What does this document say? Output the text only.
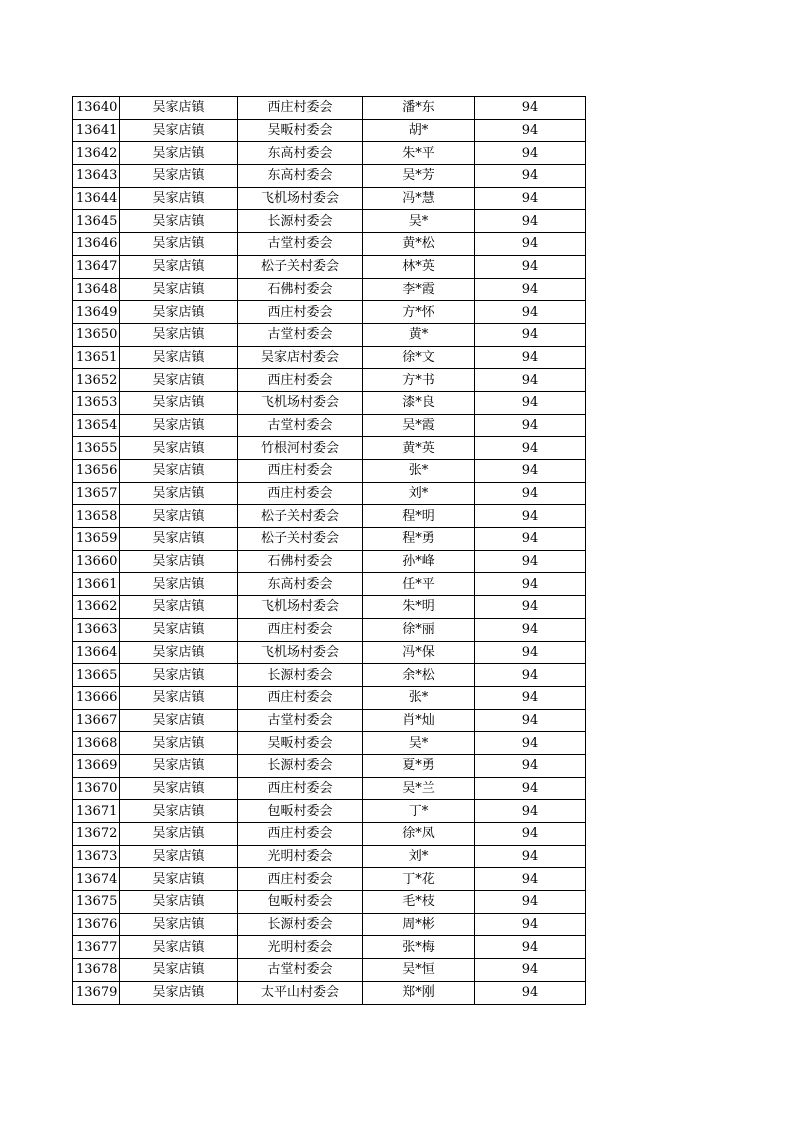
13640	吴家店镇	西庄村委会	潘*东	94
13641	吴家店镇	吴畈村委会	胡*	94
13642	吴家店镇	东高村委会	朱*平	94
13643	吴家店镇	东高村委会	吴*芳	94
13644	吴家店镇	飞机场村委会	冯*慧	94
13645	吴家店镇	长源村委会	吴*	94
13646	吴家店镇	古堂村委会	黄*松	94
13647	吴家店镇	松子关村委会	林*英	94
13648	吴家店镇	石佛村委会	李*霞	94
13649	吴家店镇	西庄村委会	方*怀	94
13650	吴家店镇	古堂村委会	黄*	94
13651	吴家店镇	吴家店村委会	徐*文	94
13652	吴家店镇	西庄村委会	方*书	94
13653	吴家店镇	飞机场村委会	漆*良	94
13654	吴家店镇	古堂村委会	吴*霞	94
13655	吴家店镇	竹根河村委会	黄*英	94
13656	吴家店镇	西庄村委会	张*	94
13657	吴家店镇	西庄村委会	刘*	94
13658	吴家店镇	松子关村委会	程*明	94
13659	吴家店镇	松子关村委会	程*勇	94
13660	吴家店镇	石佛村委会	孙*峰	94
13661	吴家店镇	东高村委会	任*平	94
13662	吴家店镇	飞机场村委会	朱*明	94
13663	吴家店镇	西庄村委会	徐*丽	94
13664	吴家店镇	飞机场村委会	冯*保	94
13665	吴家店镇	长源村委会	余*松	94
13666	吴家店镇	西庄村委会	张*	94
13667	吴家店镇	古堂村委会	肖*灿	94
13668	吴家店镇	吴畈村委会	吴*	94
13669	吴家店镇	长源村委会	夏*勇	94
13670	吴家店镇	西庄村委会	吴*兰	94
13671	吴家店镇	包畈村委会	丁*	94
13672	吴家店镇	西庄村委会	徐*凤	94
13673	吴家店镇	光明村委会	刘*	94
13674	吴家店镇	西庄村委会	丁*花	94
13675	吴家店镇	包畈村委会	毛*枝	94
13676	吴家店镇	长源村委会	周*彬	94
13677	吴家店镇	光明村委会	张*梅	94
13678	吴家店镇	古堂村委会	吴*恒	94
13679	吴家店镇	太平山村委会	郑*刚	94
